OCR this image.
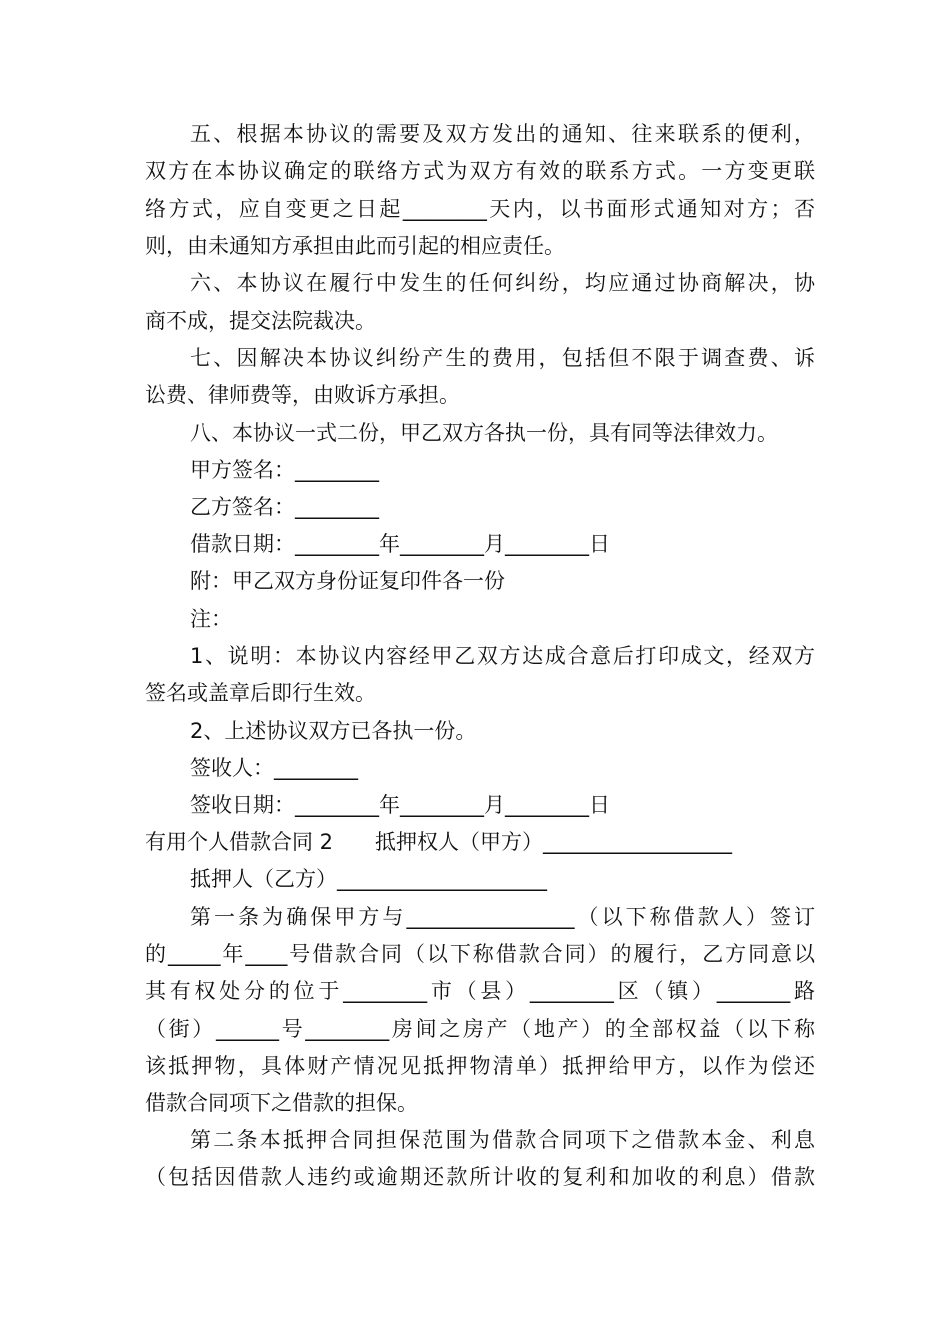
五、根据本协议的需要及双方发出的通知、往来联系的便利，
双方在本协议确定的联络方式为双方有效的联系方式。一方变更联
络方式，应自变更之日起________天内，以书面形式通知对方；否
则，由未通知方承担由此而引起的相应责任。
六、本协议在履行中发生的任何纠纷，均应通过协商解决，协
商不成，提交法院裁决。
七、因解决本协议纠纷产生的费用，包括但不限于调查费、诉
讼费、律师费等，由败诉方承担。
八、本协议一式二份，甲乙双方各执一份，具有同等法律效力。
甲方签名：________
乙方签名：________
借款日期：________年________月________日
附：甲乙双方身份证复印件各一份
注：
1、说明：本协议内容经甲乙双方达成合意后打印成文，经双方
签名或盖章后即行生效。
2、上述协议双方已各执一份。
签收人：________
签收日期：________年________月________日
有用个人借款合同 2　　抵押权人（甲方）__________________
抵押人（乙方）____________________
第一条为确保甲方与________________（以下称借款人）签订
的_____年____号借款合同（以下称借款合同）的履行，乙方同意以
其有权处分的位于________市（县）________区（镇）_______路
（街）______号________房间之房产（地产）的全部权益（以下称
该抵押物，具体财产情况见抵押物清单）抵押给甲方，以作为偿还
借款合同项下之借款的担保。
第二条本抵押合同担保范围为借款合同项下之借款本金、利息
（包括因借款人违约或逾期还款所计收的复利和加收的利息）借款
